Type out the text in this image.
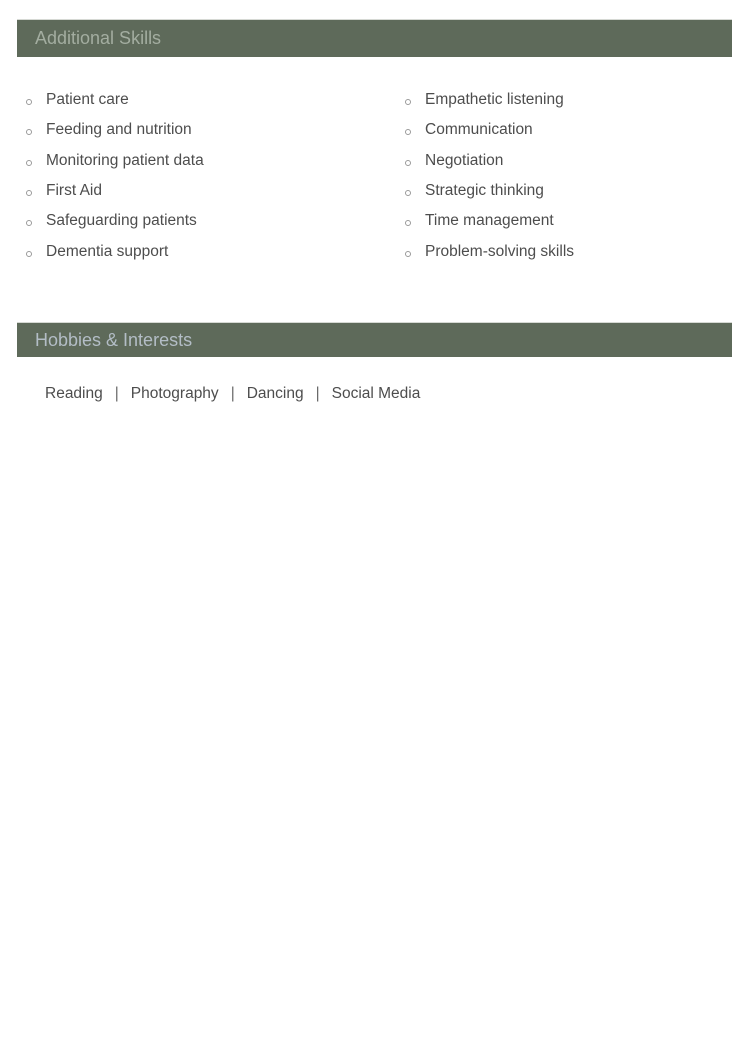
Additional Skills
Patient care
Feeding and nutrition
Monitoring patient data
First Aid
Safeguarding patients
Dementia support
Empathetic listening
Communication
Negotiation
Strategic thinking
Time management
Problem-solving skills
Hobbies & Interests
Reading | Photography | Dancing | Social Media
